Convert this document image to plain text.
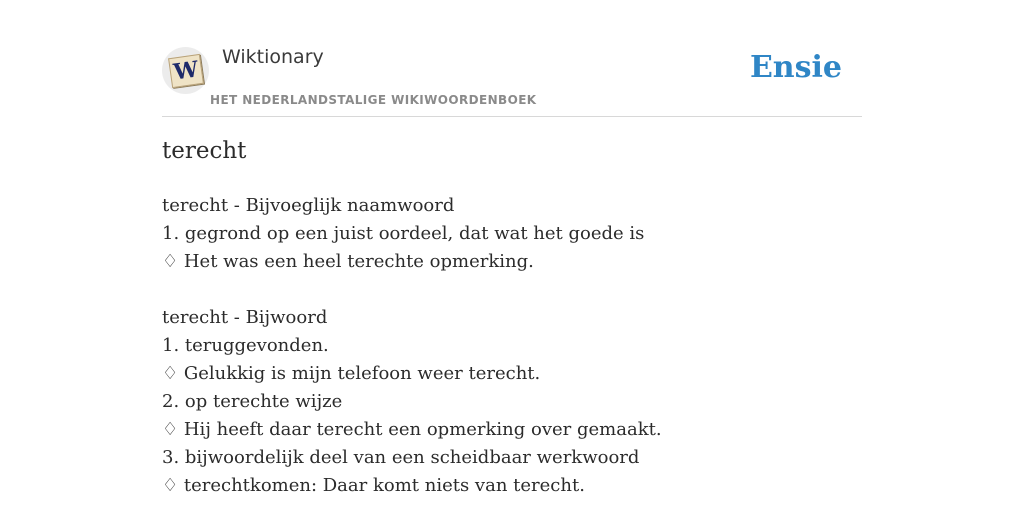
W Wiktionary
HET NEDERLANDSTALIGE WIKIWOORDENBOEK
Ensie
terecht
terecht - Bijvoeglijk naamwoord
1. gegrond op een juist oordeel, dat wat het goede is
♢ Het was een heel terechte opmerking.
terecht - Bijwoord
1. teruggevonden.
♢ Gelukkig is mijn telefoon weer terecht.
2. op terechte wijze
♢ Hij heeft daar terecht een opmerking over gemaakt.
3. bijwoordelijk deel van een scheidbaar werkwoord
♢ terechtkomen: Daar komt niets van terecht.
